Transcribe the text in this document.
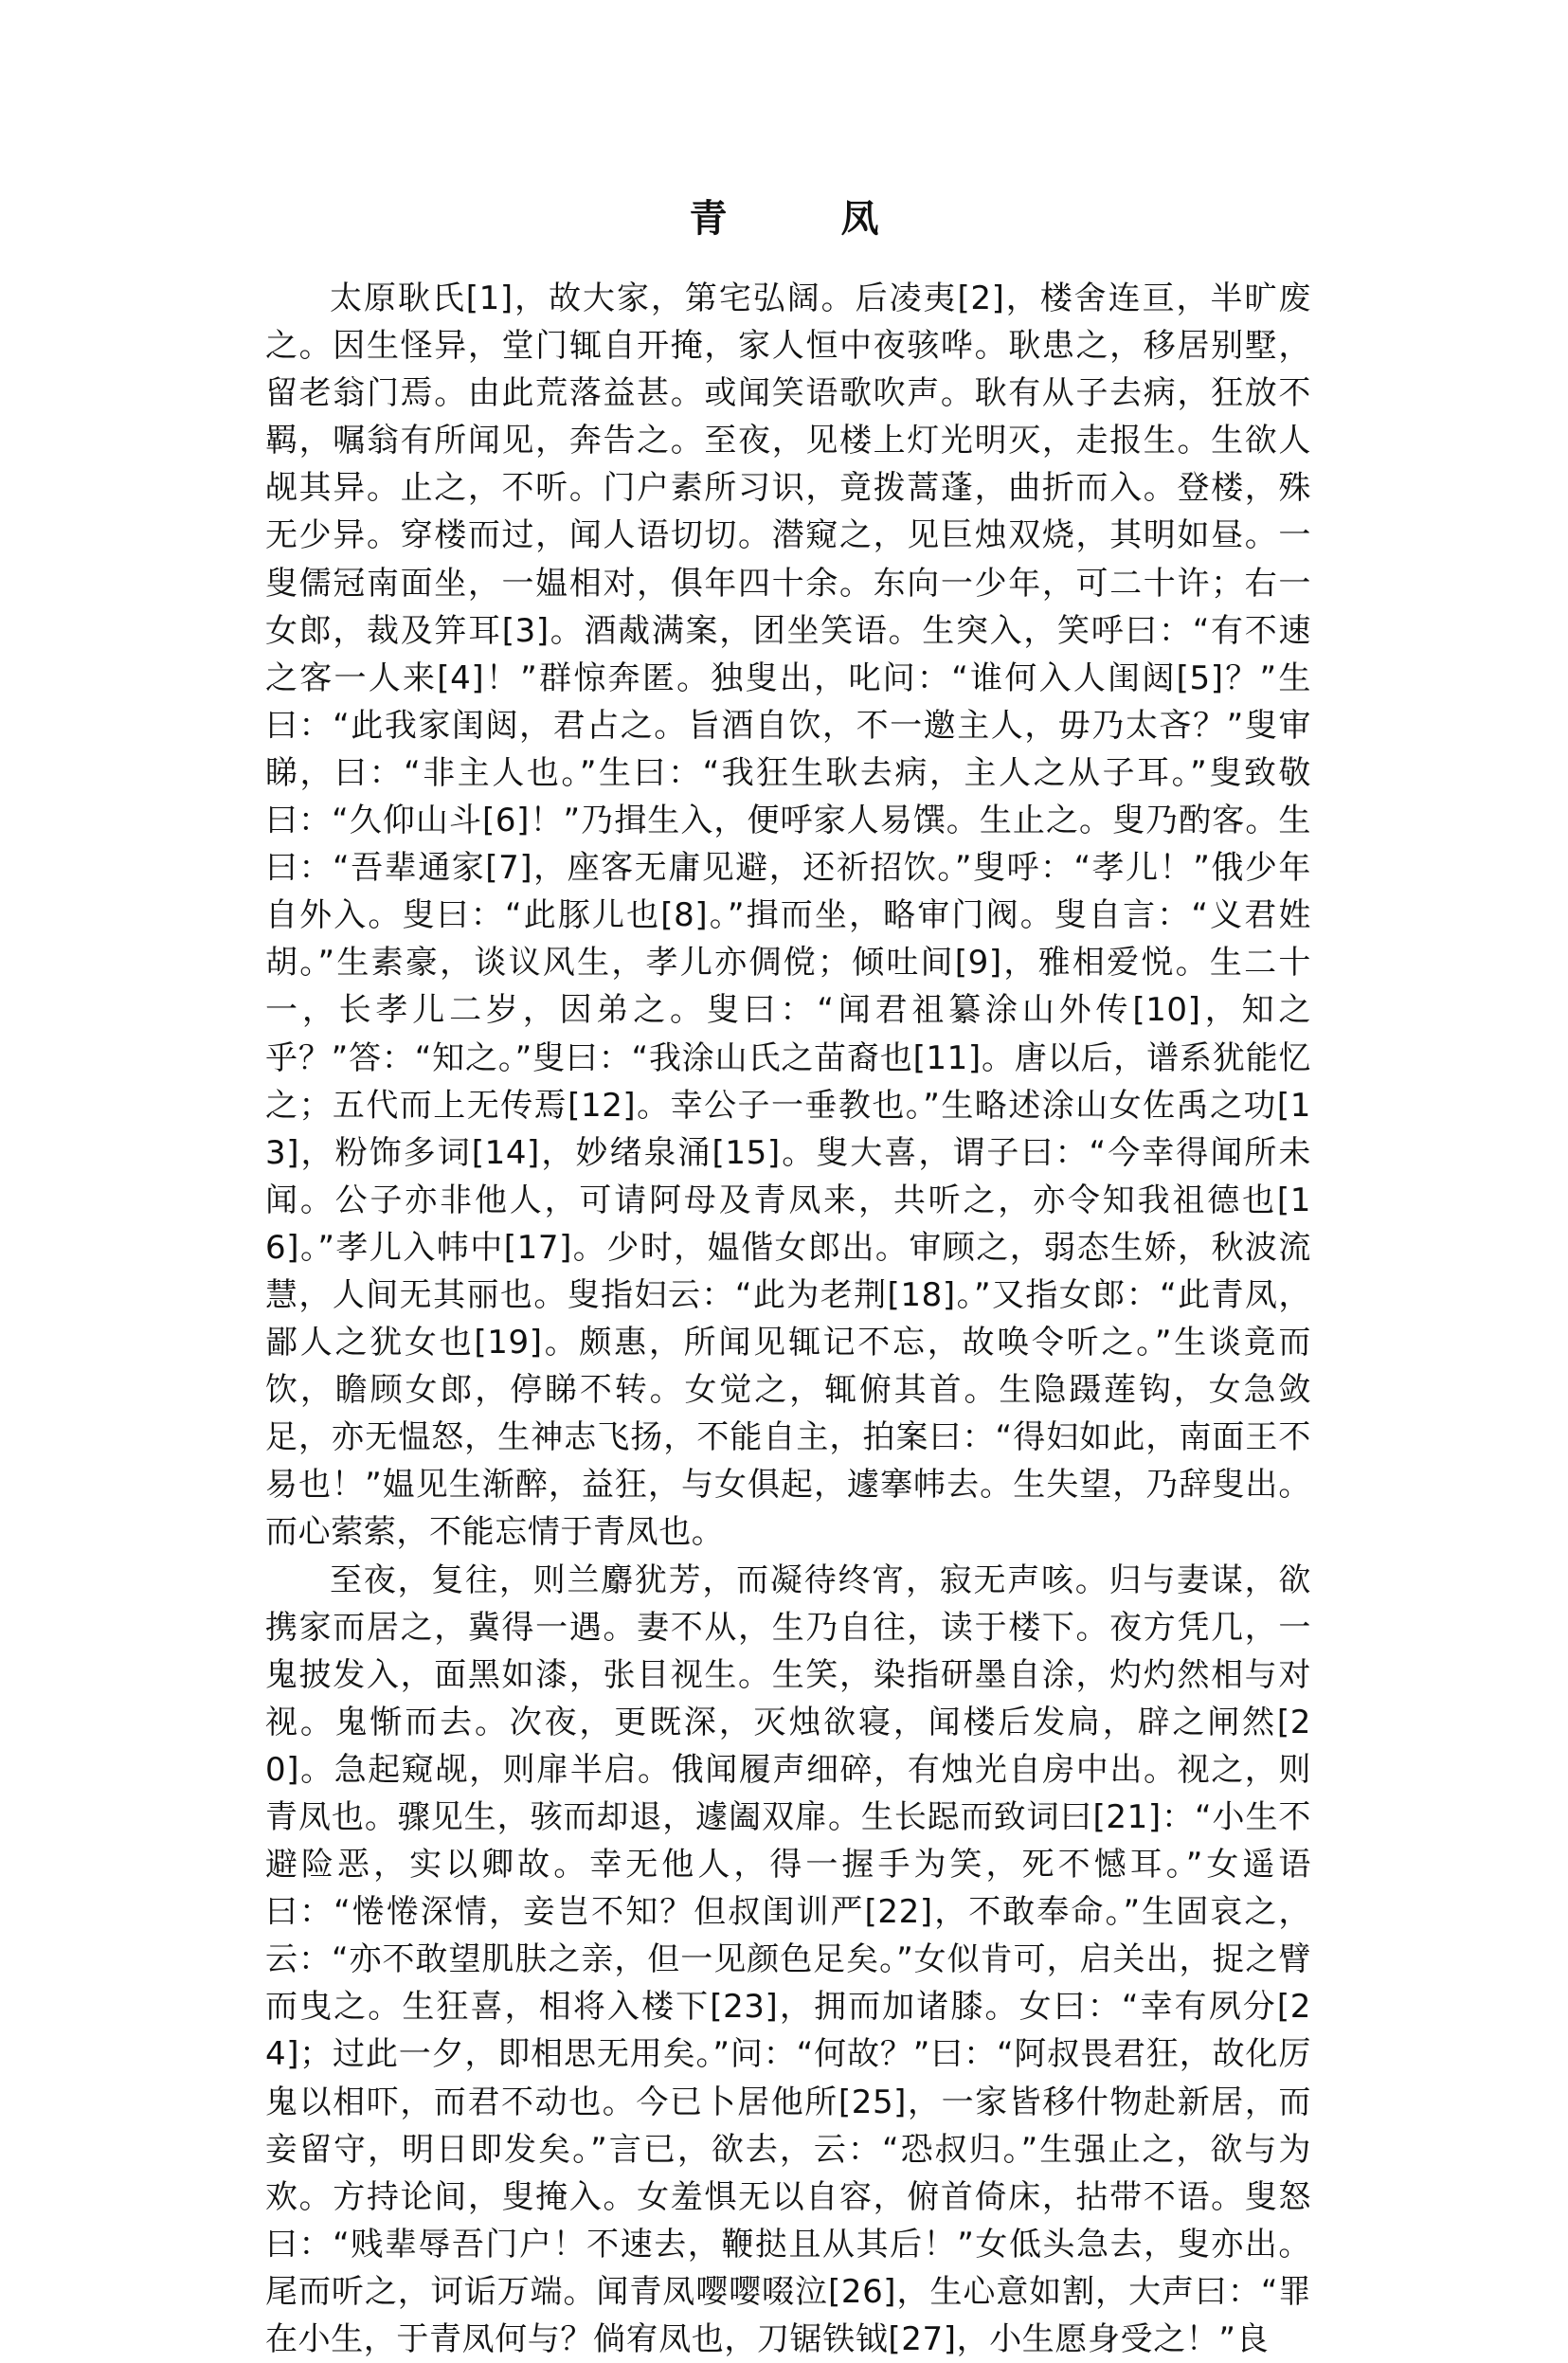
青　凤

太原耿氏[1]，故大家，第宅弘阔。后凌夷[2]，楼舍连亘，半旷废之。因生怪异，堂门辄自开掩，家人恒中夜骇哗。耿患之，移居别墅，留老翁门焉。由此荒落益甚。或闻笑语歌吹声。耿有从子去病，狂放不羁，嘱翁有所闻见，奔告之。至夜，见楼上灯光明灭，走报生。生欲人觇其异。止之，不听。门户素所习识，竟拨蒿蓬，曲折而入。登楼，殊无少异。穿楼而过，闻人语切切。潜窥之，见巨烛双烧，其明如昼。一叟儒冠南面坐，一媪相对，俱年四十余。东向一少年，可二十许；右一女郎，裁及笄耳[3]。酒胾满案，团坐笑语。生突入，笑呼曰：“有不速之客一人来[4]！”群惊奔匿。独叟出，叱问：“谁何入人闺闼[5]？”生曰：“此我家闺闼，君占之。旨酒自饮，不一邀主人，毋乃太吝？”叟审睇，曰：“非主人也。”生曰：“我狂生耿去病，主人之从子耳。”叟致敬曰：“久仰山斗[6]！”乃揖生入，便呼家人易馔。生止之。叟乃酌客。生曰：“吾辈通家[7]，座客无庸见避，还祈招饮。”叟呼：“孝儿！”俄少年自外入。叟曰：“此豚儿也[8]。”揖而坐，略审门阀。叟自言：“义君姓胡。”生素豪，谈议风生，孝儿亦倜傥；倾吐间[9]，雅相爱悦。生二十一，长孝儿二岁，因弟之。叟曰：“闻君祖纂涂山外传[10]，知之乎？”答：“知之。”叟曰：“我涂山氏之苗裔也[11]。唐以后，谱系犹能忆之；五代而上无传焉[12]。幸公子一垂教也。”生略述涂山女佐禹之功[13]，粉饰多词[14]，妙绪泉涌[15]。叟大喜，谓子曰：“今幸得闻所未闻。公子亦非他人，可请阿母及青凤来，共听之，亦令知我祖德也[16]。”孝儿入帏中[17]。少时，媪偕女郎出。审顾之，弱态生娇，秋波流慧，人间无其丽也。叟指妇云：“此为老荆[18]。”又指女郎：“此青凤，鄙人之犹女也[19]。颇惠，所闻见辄记不忘，故唤令听之。”生谈竟而饮，瞻顾女郎，停睇不转。女觉之，辄俯其首。生隐蹑莲钩，女急敛足，亦无愠怒，生神志飞扬，不能自主，拍案曰：“得妇如此，南面王不易也！”媪见生渐醉，益狂，与女俱起，遽搴帏去。生失望，乃辞叟出。而心萦萦，不能忘情于青凤也。

至夜，复往，则兰麝犹芳，而凝待终宵，寂无声咳。归与妻谋，欲携家而居之，冀得一遇。妻不从，生乃自往，读于楼下。夜方凭几，一鬼披发入，面黑如漆，张目视生。生笑，染指研墨自涂，灼灼然相与对视。鬼惭而去。次夜，更既深，灭烛欲寝，闻楼后发扃，辟之闸然[20]。急起窥觇，则扉半启。俄闻履声细碎，有烛光自房中出。视之，则青凤也。骤见生，骇而却退，遽阖双扉。生长跽而致词曰[21]：“小生不避险恶，实以卿故。幸无他人，得一握手为笑，死不憾耳。”女遥语曰：“惓惓深情，妾岂不知？但叔闺训严[22]，不敢奉命。”生固哀之，云：“亦不敢望肌肤之亲，但一见颜色足矣。”女似肯可，启关出，捉之臂而曳之。生狂喜，相将入楼下[23]，拥而加诸膝。女曰：“幸有夙分[24]；过此一夕，即相思无用矣。”问：“何故？”曰：“阿叔畏君狂，故化厉鬼以相吓，而君不动也。今已卜居他所[25]，一家皆移什物赴新居，而妾留守，明日即发矣。”言已，欲去，云：“恐叔归。”生强止之，欲与为欢。方持论间，叟掩入。女羞惧无以自容，俯首倚床，拈带不语。叟怒曰：“贱辈辱吾门户！不速去，鞭挞且从其后！”女低头急去，叟亦出。尾而听之，诃诟万端。闻青凤嘤嘤啜泣[26]，生心意如割，大声曰：“罪在小生，于青凤何与？倘宥凤也，刀锯铁钺[27]，小生愿身受之！”良
